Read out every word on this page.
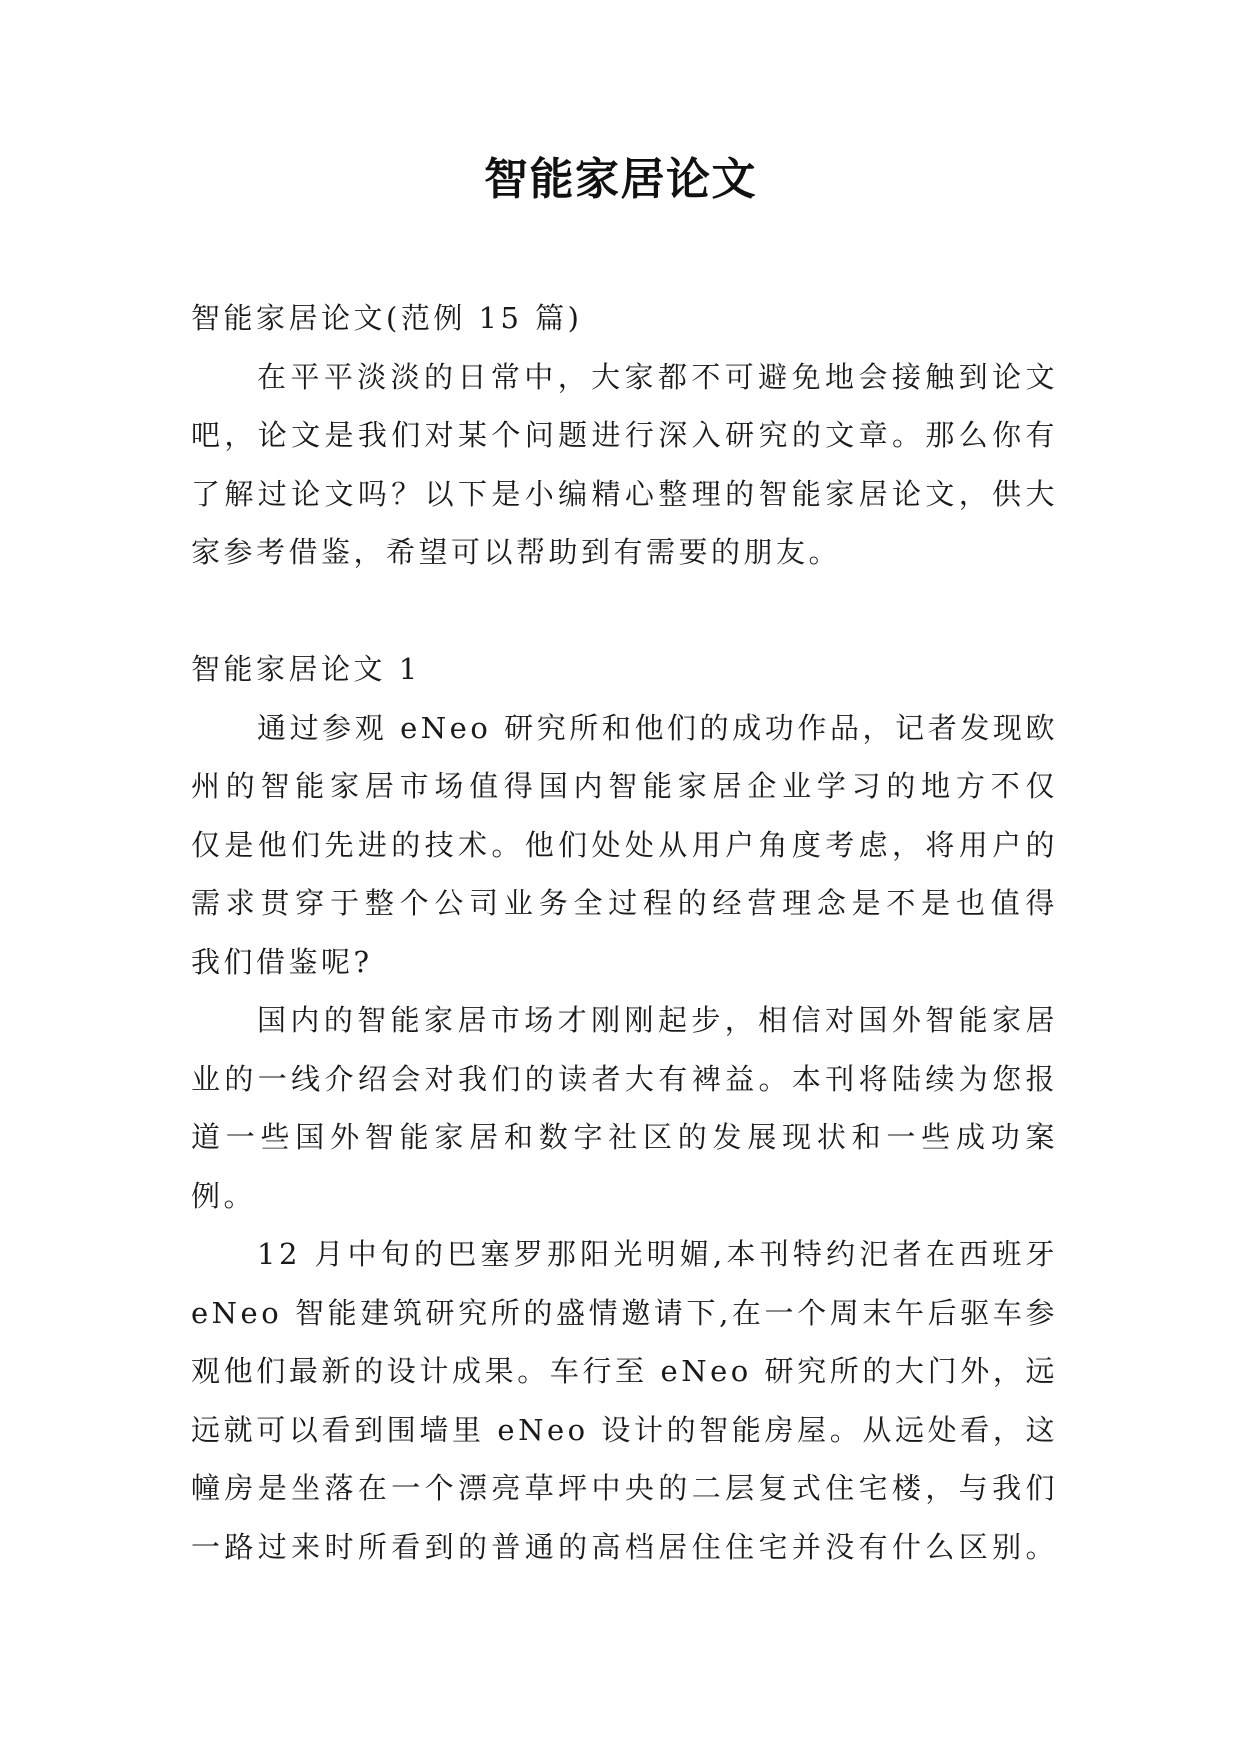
智能家居论文
智能家居论文(范例 15 篇)
在平平淡淡的日常中，大家都不可避免地会接触到论文
吧，论文是我们对某个问题进行深入研究的文章。那么你有
了解过论文吗？以下是小编精心整理的智能家居论文，供大
家参考借鉴，希望可以帮助到有需要的朋友。
智能家居论文 1
通过参观 eNeo 研究所和他们的成功作品，记者发现欧
州的智能家居市场值得国内智能家居企业学习的地方不仅
仅是他们先进的技术。他们处处从用户角度考虑，将用户的
需求贯穿于整个公司业务全过程的经营理念是不是也值得
我们借鉴呢?
国内的智能家居市场才刚刚起步，相信对国外智能家居
业的一线介绍会对我们的读者大有裨益。本刊将陆续为您报
道一些国外智能家居和数字社区的发展现状和一些成功案
例。
12 月中旬的巴塞罗那阳光明媚,本刊特约汜者在西班牙
eNeo 智能建筑研究所的盛情邀请下,在一个周末午后驱车参
观他们最新的设计成果。车行至 eNeo 研究所的大门外，远
远就可以看到围墙里 eNeo 设计的智能房屋。从远处看，这
幢房是坐落在一个漂亮草坪中央的二层复式住宅楼，与我们
一路过来时所看到的普通的高档居住住宅并没有什么区别。
